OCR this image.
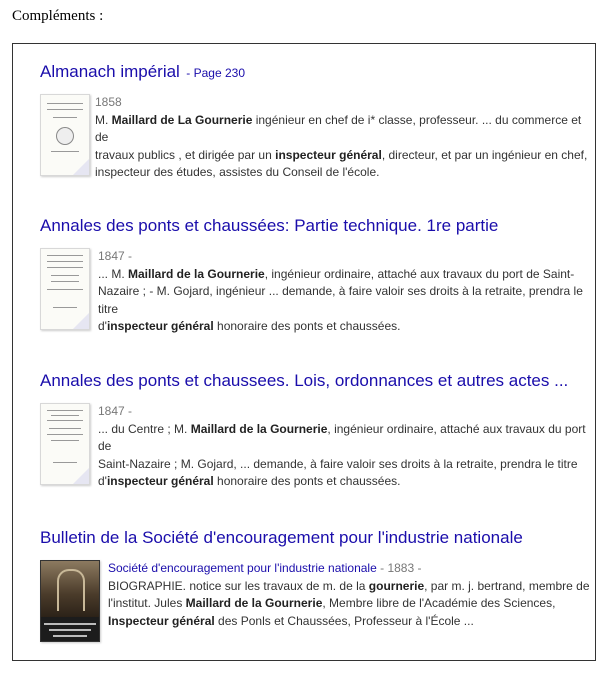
Compléments :
Almanach impérial - Page 230
1858
M. Maillard de La Gournerie ingénieur en chef de i* classe, professeur. ... du commerce et de
travaux publics , et dirigée par un inspecteur général, directeur, et par un ingénieur en chef,
inspecteur des études, assistes du Conseil de l'école.
Annales des ponts et chaussées: Partie technique. 1re partie
1847 -
... M. Maillard de la Gournerie, ingénieur ordinaire, attaché aux travaux du port de Saint-
Nazaire ; - M. Gojard, ingénieur ... demande, à faire valoir ses droits à la retraite, prendra le titre
d'inspecteur général honoraire des ponts et chaussées.
Annales des ponts et chaussees. Lois, ordonnances et autres actes ...
1847 -
... du Centre ; M. Maillard de la Gournerie, ingénieur ordinaire, attaché aux travaux du port de
Saint-Nazaire ; M. Gojard, ... demande, à faire valoir ses droits à la retraite, prendra le titre
d'inspecteur général honoraire des ponts et chaussées.
Bulletin de la Société d'encouragement pour l'industrie nationale
Société d'encouragement pour l'industrie nationale - 1883 -
BIOGRAPHIE. notice sur les travaux de m. de la gournerie, par m. j. bertrand, membre de
l'institut. Jules Maillard de la Gournerie, Membre libre de l'Académie des Sciences,
Inspecteur général des Ponls et Chaussées, Professeur à l'École ...
